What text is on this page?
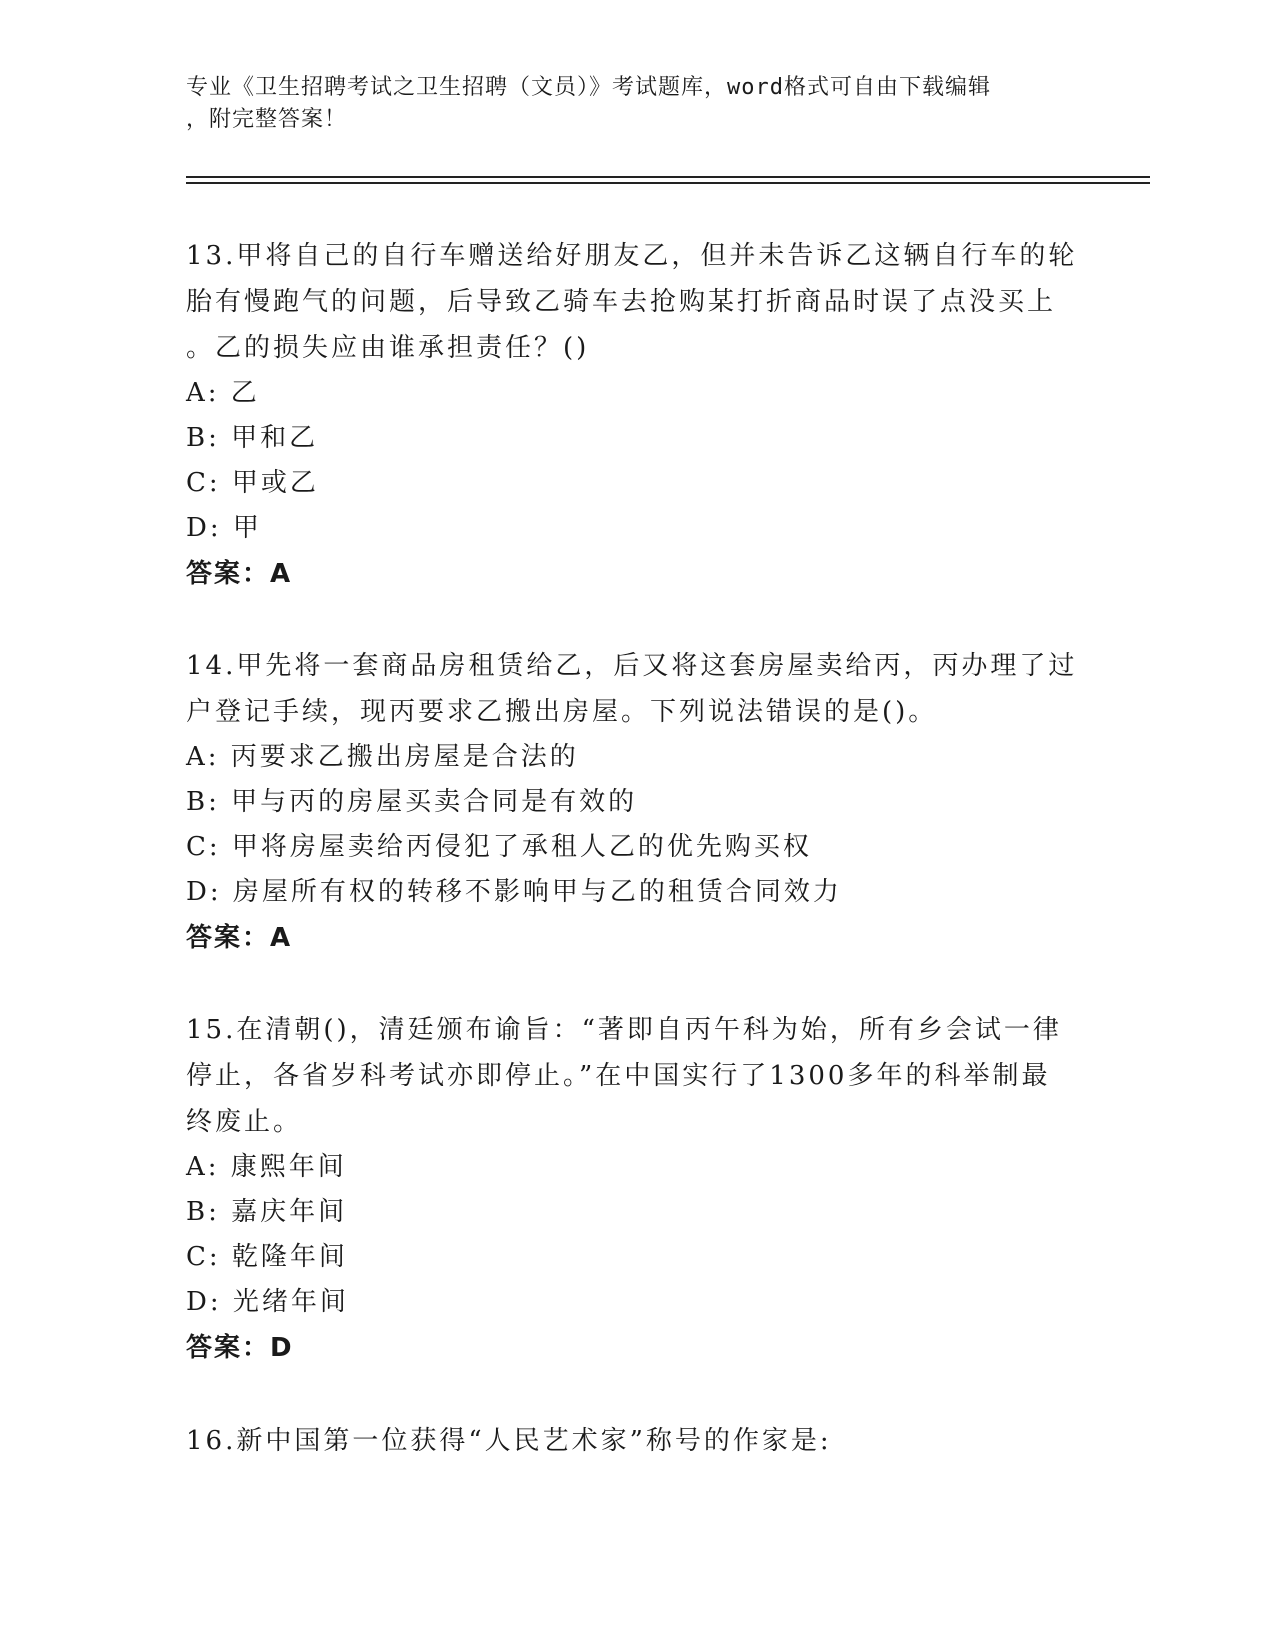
专业《卫生招聘考试之卫生招聘（文员）》考试题库，word格式可自由下载编辑
，附完整答案！
13.甲将自己的自行车赠送给好朋友乙，但并未告诉乙这辆自行车的轮
胎有慢跑气的问题，后导致乙骑车去抢购某打折商品时误了点没买上
。乙的损失应由谁承担责任？()
A: 乙
B: 甲和乙
C: 甲或乙
D: 甲
答案：A
14.甲先将一套商品房租赁给乙，后又将这套房屋卖给丙，丙办理了过
户登记手续，现丙要求乙搬出房屋。下列说法错误的是()。
A: 丙要求乙搬出房屋是合法的
B: 甲与丙的房屋买卖合同是有效的
C: 甲将房屋卖给丙侵犯了承租人乙的优先购买权
D: 房屋所有权的转移不影响甲与乙的租赁合同效力
答案：A
15.在清朝()，清廷颁布谕旨：“著即自丙午科为始，所有乡会试一律
停止，各省岁科考试亦即停止。”在中国实行了1300多年的科举制最
终废止。
A: 康熙年间
B: 嘉庆年间
C: 乾隆年间
D: 光绪年间
答案：D
16.新中国第一位获得“人民艺术家”称号的作家是:
